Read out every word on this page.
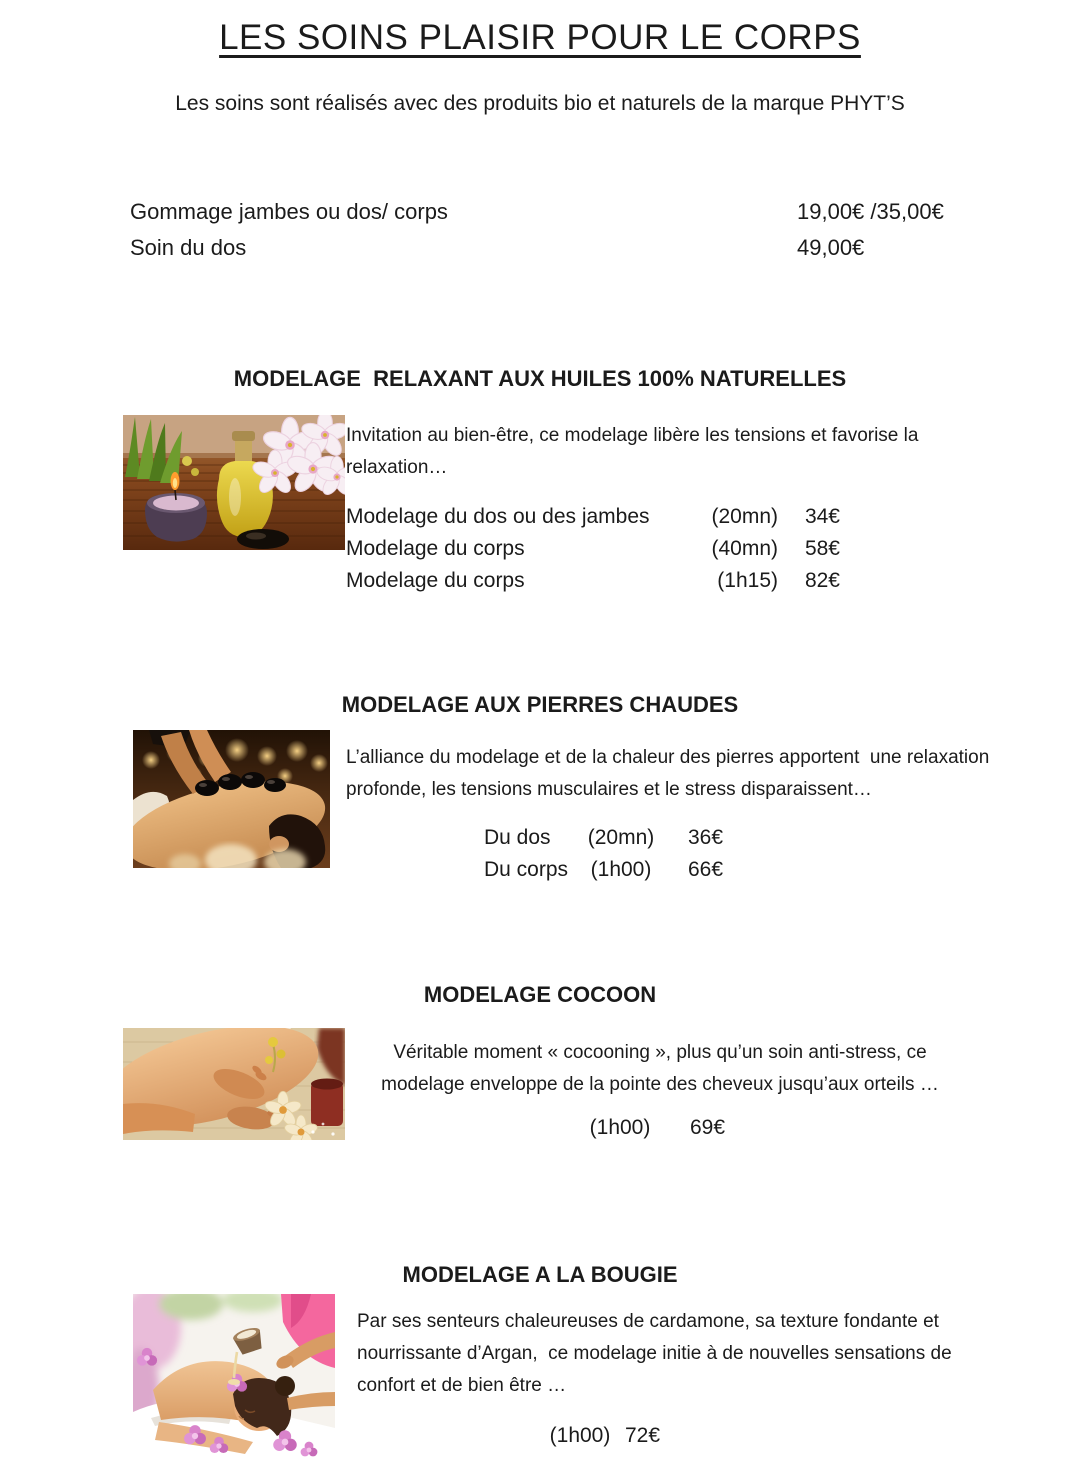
LES SOINS PLAISIR POUR LE CORPS
Les soins sont réalisés avec des produits bio et naturels de la marque PHYT’S
Gommage jambes ou dos/ corps	19,00€ /35,00€
Soin du dos	49,00€
MODELAGE  RELAXANT AUX HUILES 100% NATURELLES
Invitation au bien-être, ce modelage libère les tensions et favorise la relaxation…
Modelage du dos ou des jambes	(20mn)	34€
Modelage du corps	(40mn)	58€
Modelage du corps	(1h15)	82€
MODELAGE AUX PIERRES CHAUDES
L’alliance du modelage et de la chaleur des pierres apportent  une relaxation profonde, les tensions musculaires et le stress disparaissent…
Du dos	(20mn)	36€
Du corps	(1h00)	66€
MODELAGE COCOON
Véritable moment « cocooning », plus qu’un soin anti-stress, ce modelage enveloppe de la pointe des cheveux jusqu’aux orteils …
(1h00)	69€
MODELAGE A LA BOUGIE
Par ses senteurs chaleureuses de cardamone, sa texture fondante et nourrissante d’Argan,  ce modelage initie à de nouvelles sensations de confort et de bien être …
(1h00) 72€
